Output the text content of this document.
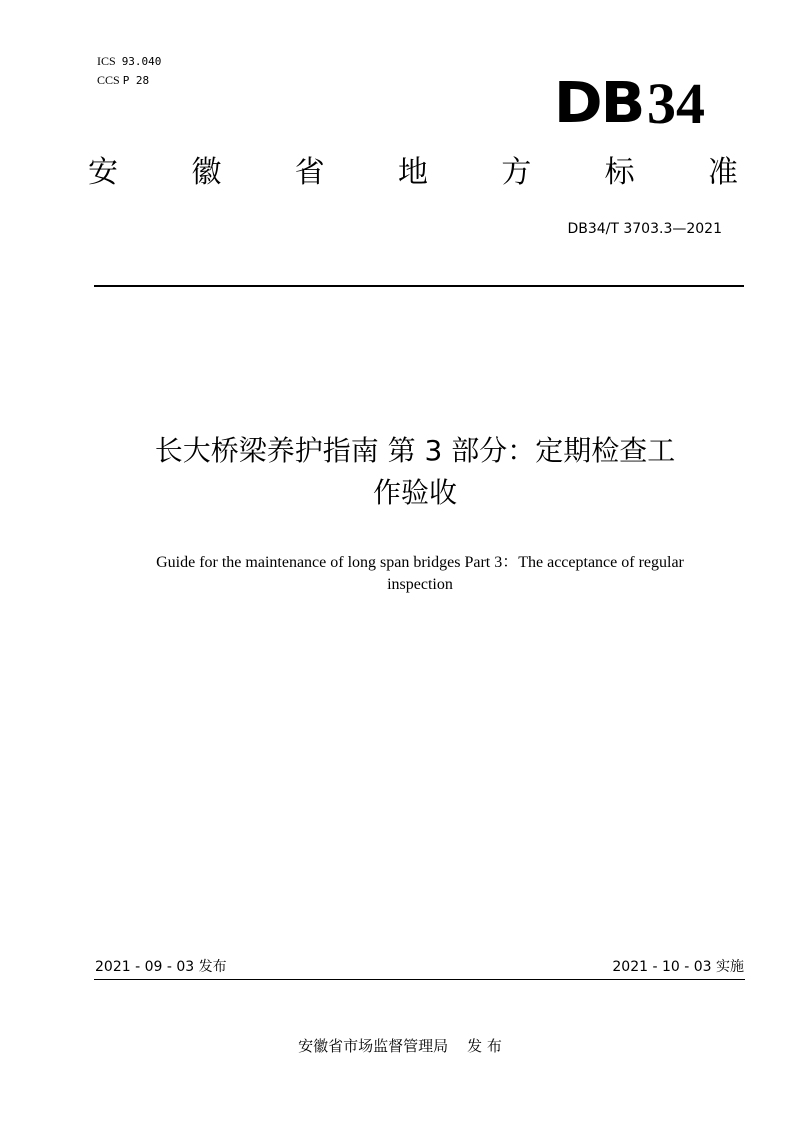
ICS 93.040

CCS P 28	DB 34
安 徽 省 地 方 标 准
DB34/T 3703.3—2021
长大桥梁养护指南 第 3 部分：定期检查工
作验收
Guide for the maintenance of long span bridges Part 3：The acceptance of regular
inspection
2021 - 09 - 03 发布	2021 - 10 - 03 实施
安徽省市场监督管理局    发 布
